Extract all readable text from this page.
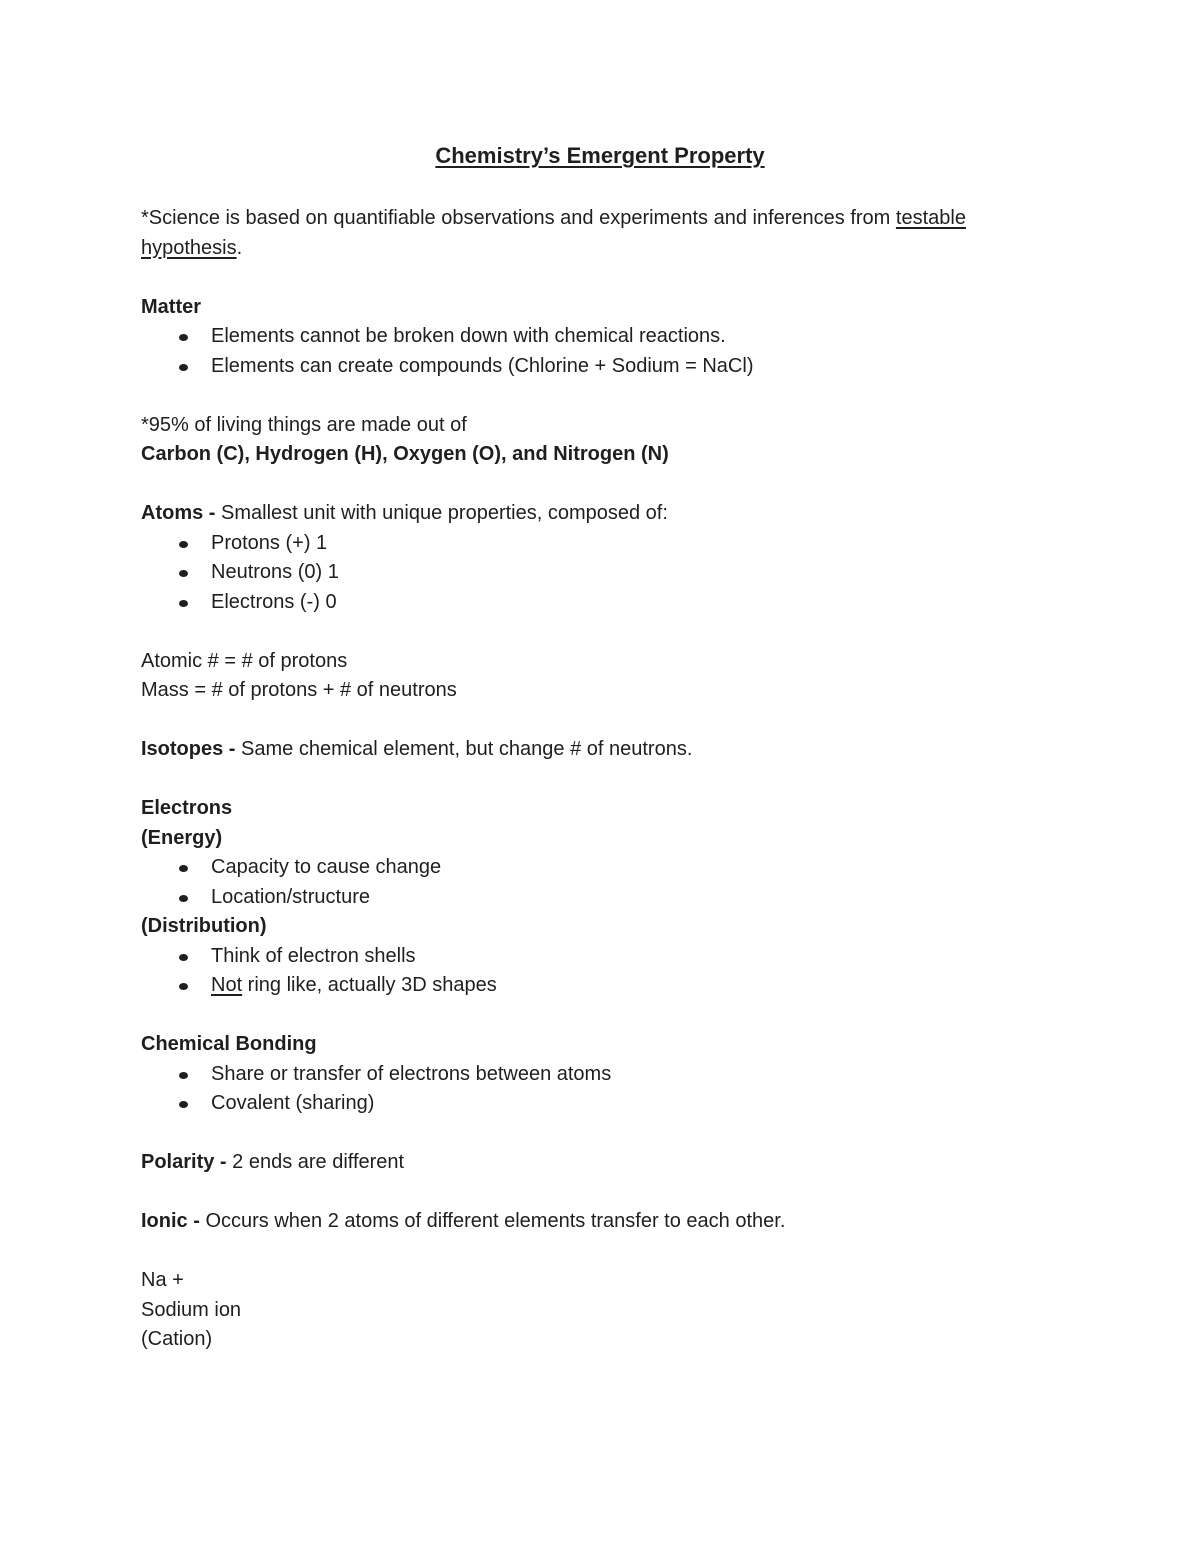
Chemistry’s Emergent Property

*Science is based on quantifiable observations and experiments and inferences from testable hypothesis.

Matter

Elements cannot be broken down with chemical reactions.
Elements can create compounds (Chlorine + Sodium = NaCl)

*95% of living things are made out of

Carbon (C), Hydrogen (H), Oxygen (O), and Nitrogen (N)

Atoms - Smallest unit with unique properties, composed of:

Protons (+) 1
Neutrons (0) 1
Electrons (-) 0

Atomic # = # of protons

Mass = # of protons + # of neutrons

Isotopes - Same chemical element, but change # of neutrons.

Electrons

(Energy)

Capacity to cause change
Location/structure

(Distribution)

Think of electron shells
Not ring like, actually 3D shapes

Chemical Bonding

Share or transfer of electrons between atoms
Covalent (sharing)

Polarity - 2 ends are different

Ionic - Occurs when 2 atoms of different elements transfer to each other.

Na +

Sodium ion

(Cation)
